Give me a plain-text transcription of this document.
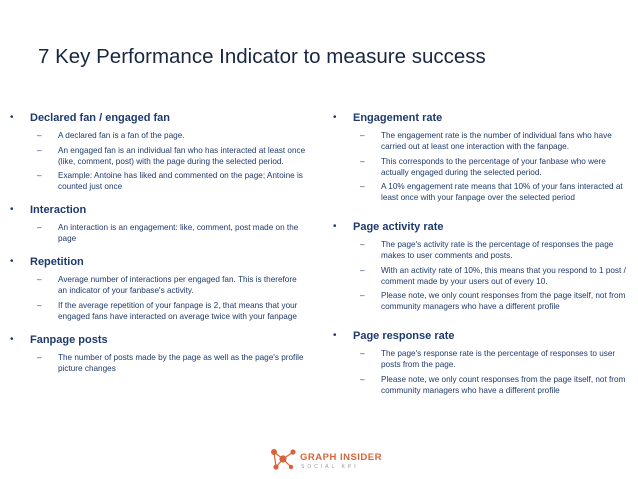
7 Key Performance Indicator to measure success
• Declared fan / engaged fan
– A declared fan is a fan of the page.
– An engaged fan is an individual fan who has interacted at least once (like, comment, post) with the page during the selected period.
– Example: Antoine has liked and commented on the page; Antoine is counted just once
• Interaction
– An interaction is an engagement: like, comment, post made on the page
• Repetition
– Average number of interactions per engaged fan. This is therefore an indicator of your fanbase's activity.
– If the average repetition of your fanpage is 2, that means that your engaged fans have interacted on average twice with your fanpage
• Fanpage posts
– The number of posts made by the page as well as the page's profile picture changes
• Engagement rate
– The engagement rate is the number of individual fans who have carried out at least one interaction with the fanpage.
– This corresponds to the percentage of your fanbase who were actually engaged during the selected period.
– A 10% engagement rate means that 10% of your fans interacted at least once with your fanpage over the selected period
• Page activity rate
– The page's activity rate is the percentage of responses the page makes to user comments and posts.
– With an activity rate of 10%, this means that you respond to 1 post / comment made by your users out of every 10.
– Please note, we only count responses from the page itself, not from community managers who have a different profile
• Page response rate
– The page's response rate is the percentage of responses to user posts from the page.
– Please note, we only count responses from the page itself, not from community managers who have a different profile
GRAPH INSIDER
SOCIAL KPI
